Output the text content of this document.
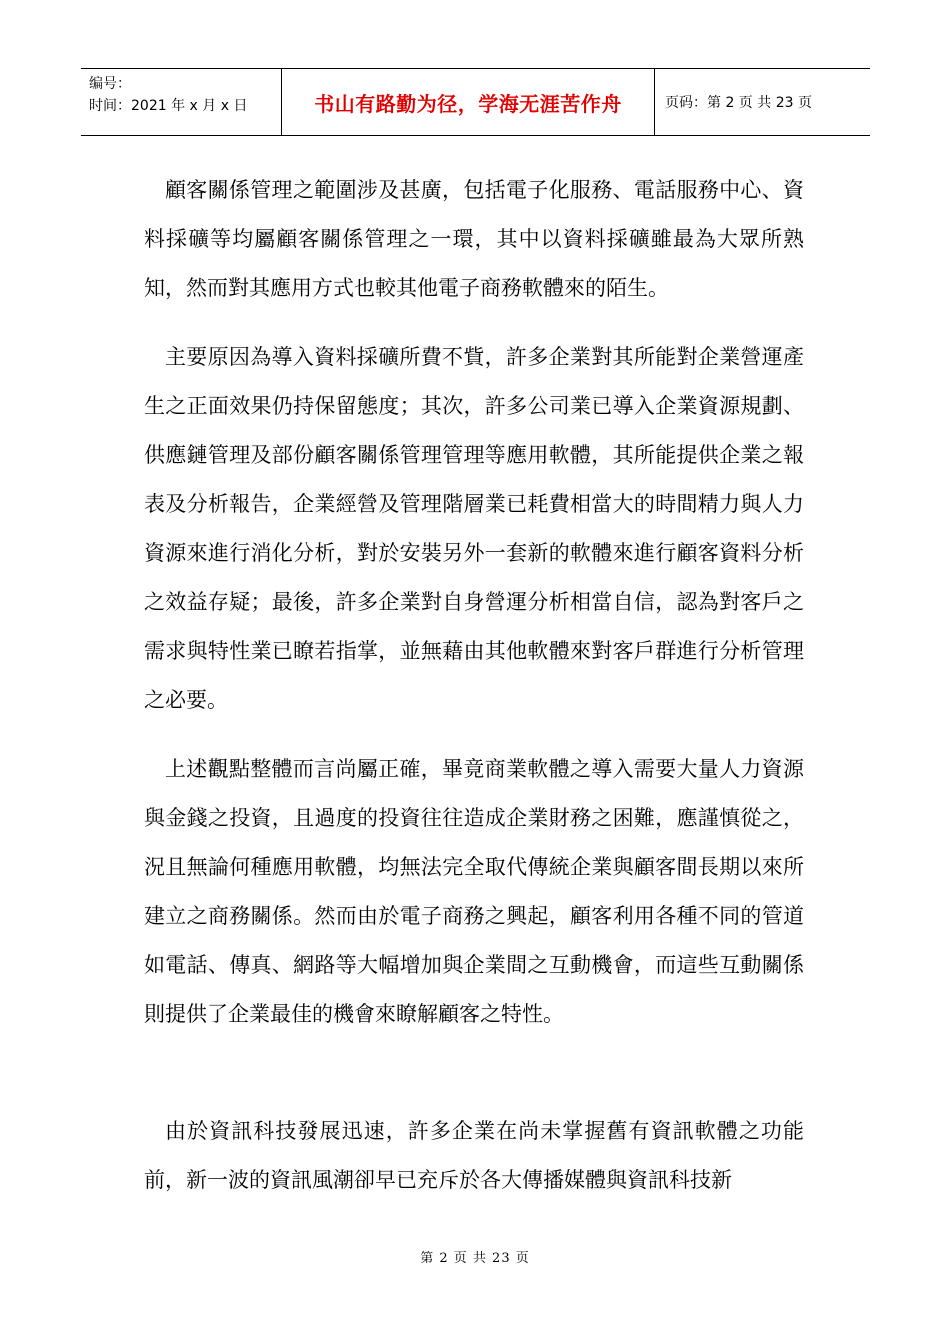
编号：
时间：2021 年 x 月 x 日	书山有路勤为径，学海无涯苦作舟	页码：第 2 页 共 23 页

顧客關係管理之範圍涉及甚廣，包括電子化服務、電話服務中心、資料採礦等均屬顧客關係管理之一環，其中以資料採礦雖最為大眾所熟知，然而對其應用方式也較其他電子商務軟體來的陌生。

主要原因為導入資料採礦所費不貲，許多企業對其所能對企業營運產生之正面效果仍持保留態度；其次，許多公司業已導入企業資源規劃、供應鏈管理及部份顧客關係管理管理等應用軟體，其所能提供企業之報表及分析報告，企業經營及管理階層業已耗費相當大的時間精力與人力資源來進行消化分析，對於安裝另外一套新的軟體來進行顧客資料分析之效益存疑；最後，許多企業對自身營運分析相當自信，認為對客戶之需求與特性業已瞭若指掌，並無藉由其他軟體來對客戶群進行分析管理之必要。

上述觀點整體而言尚屬正確，畢竟商業軟體之導入需要大量人力資源與金錢之投資，且過度的投資往往造成企業財務之困難，應謹慎從之，況且無論何種應用軟體，均無法完全取代傳統企業與顧客間長期以來所建立之商務關係。然而由於電子商務之興起，顧客利用各種不同的管道如電話、傳真、網路等大幅增加與企業間之互動機會，而這些互動關係則提供了企業最佳的機會來瞭解顧客之特性。

由於資訊科技發展迅速，許多企業在尚未掌握舊有資訊軟體之功能前，新一波的資訊風潮卻早已充斥於各大傳播媒體與資訊科技新

第 2 页 共 23 页
